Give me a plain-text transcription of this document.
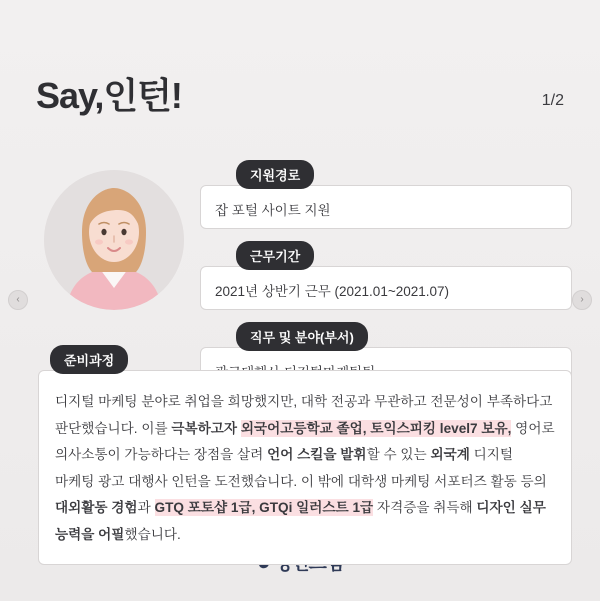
Say,인턴!	1/2
‹	›
지원경로
잡 포털 사이트 지원
근무기간
2021년 상반기 근무 (2021.01~2021.07)
직무 및 분야(부서)
준비과정
디지털 마케팅 분야로 취업을 희망했지만, 대학 전공과 무관하고 전문성이 부족하다고 판단했습니다. 이를 극복하고자 외국어고등학교 졸업, 토익스피킹 level7 보유, 영어로 의사소통이 가능하다는 장점을 살려 언어 스킬을 발휘할 수 있는 외국계 디지털 마케팅 광고 대행사 인턴을 도전했습니다. 이 밖에 대학생 마케팅 서포터즈 활동 등의 대외활동 경험과 GTQ 포토샵 1급, GTQi 일러스트 1급 자격증을 취득해 디자인 실무 능력을 어필했습니다.
